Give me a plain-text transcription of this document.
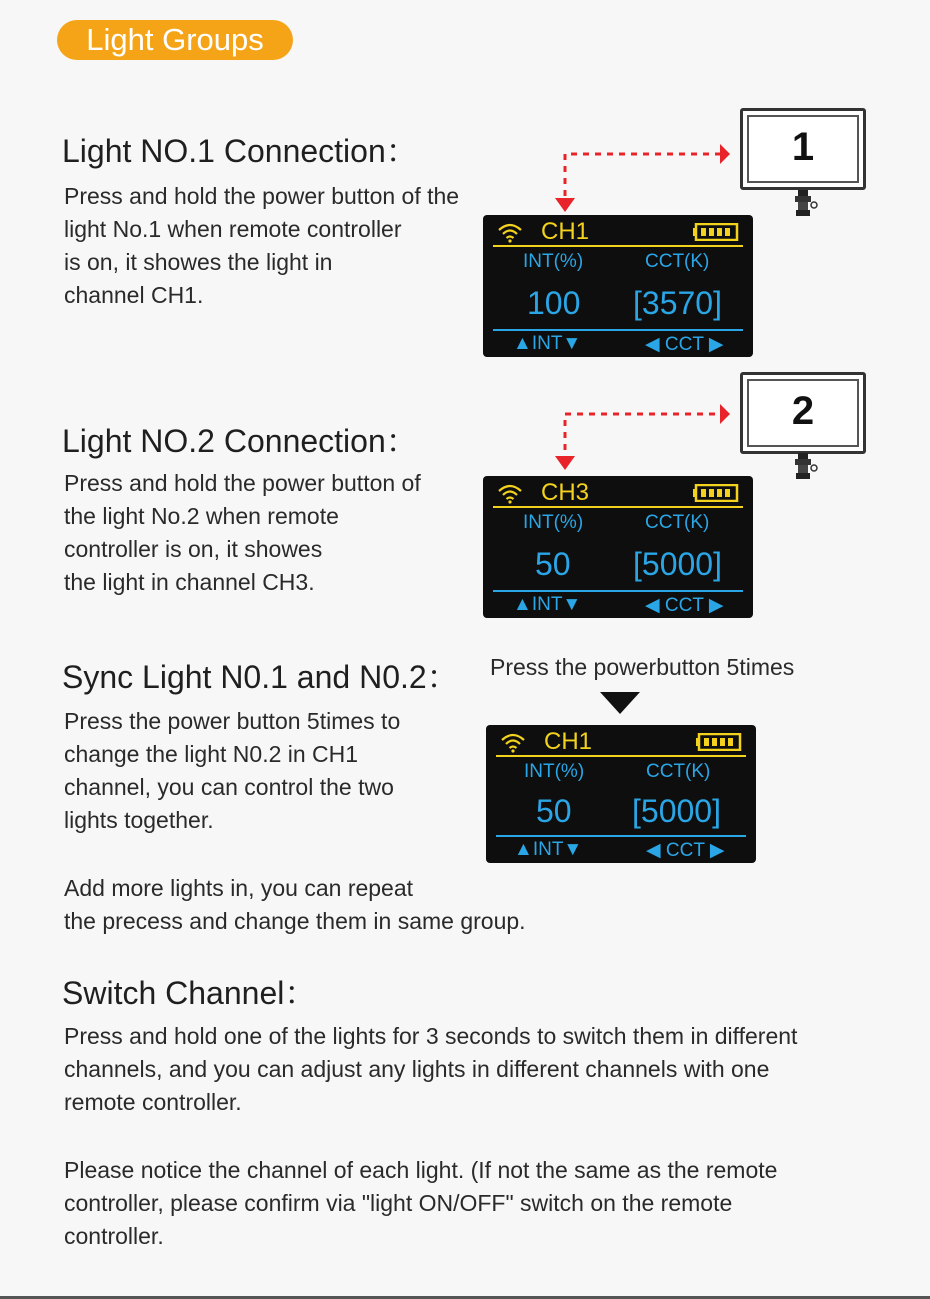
Light Groups
Light NO.1 Connection：
Press and hold the power button of the
light No.1 when remote controller
is on, it showes the light in
channel CH1.
1
CH1
INT(%)	CCT(K)
100 [3570]
▲INT▼	◀ CCT ▶
Light NO.2 Connection：
Press and hold the power button of
the light No.2 when remote
controller is on, it showes
the light in channel CH3.
2
CH3
INT(%)	CCT(K)
50 [5000]
▲INT▼	◀ CCT ▶
Sync Light N0.1 and N0.2： Press the powerbutton 5times
Press the power button 5times to
change the light N0.2 in CH1
channel, you can control the two
lights together.
CH1
INT(%)	CCT(K)
50 [5000]
▲INT▼	◀ CCT ▶
Add more lights in, you can repeat
the precess and change them in same group.
Switch Channel：
Press and hold one of the lights for 3 seconds to switch them in different
channels, and you can adjust any lights in different channels with one
remote controller.
Please notice the channel of each light. (If not the same as the remote
controller, please confirm via "light ON/OFF" switch on the remote
controller.
